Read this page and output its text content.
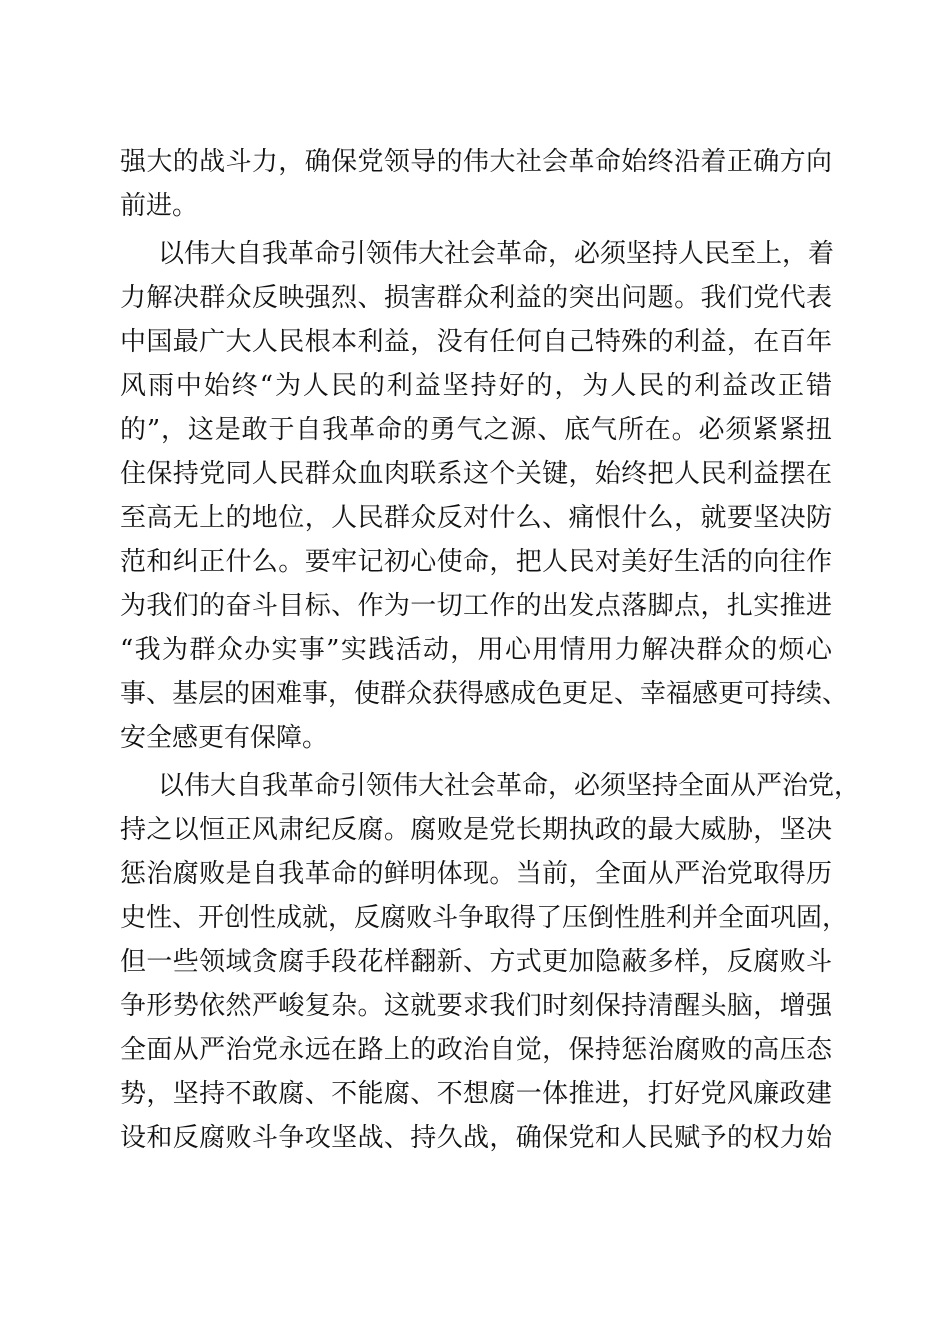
强大的战斗力，确保党领导的伟大社会革命始终沿着正确方向
前进。
以伟大自我革命引领伟大社会革命，必须坚持人民至上，着
力解决群众反映强烈、损害群众利益的突出问题。我们党代表
中国最广大人民根本利益，没有任何自己特殊的利益，在百年
风雨中始终“为人民的利益坚持好的，为人民的利益改正错
的”，这是敢于自我革命的勇气之源、底气所在。必须紧紧扭
住保持党同人民群众血肉联系这个关键，始终把人民利益摆在
至高无上的地位，人民群众反对什么、痛恨什么，就要坚决防
范和纠正什么。要牢记初心使命，把人民对美好生活的向往作
为我们的奋斗目标、作为一切工作的出发点落脚点，扎实推进
“我为群众办实事”实践活动，用心用情用力解决群众的烦心
事、基层的困难事，使群众获得感成色更足、幸福感更可持续、
安全感更有保障。
以伟大自我革命引领伟大社会革命，必须坚持全面从严治党，
持之以恒正风肃纪反腐。腐败是党长期执政的最大威胁，坚决
惩治腐败是自我革命的鲜明体现。当前，全面从严治党取得历
史性、开创性成就，反腐败斗争取得了压倒性胜利并全面巩固，
但一些领域贪腐手段花样翻新、方式更加隐蔽多样，反腐败斗
争形势依然严峻复杂。这就要求我们时刻保持清醒头脑，增强
全面从严治党永远在路上的政治自觉，保持惩治腐败的高压态
势，坚持不敢腐、不能腐、不想腐一体推进，打好党风廉政建
设和反腐败斗争攻坚战、持久战，确保党和人民赋予的权力始
